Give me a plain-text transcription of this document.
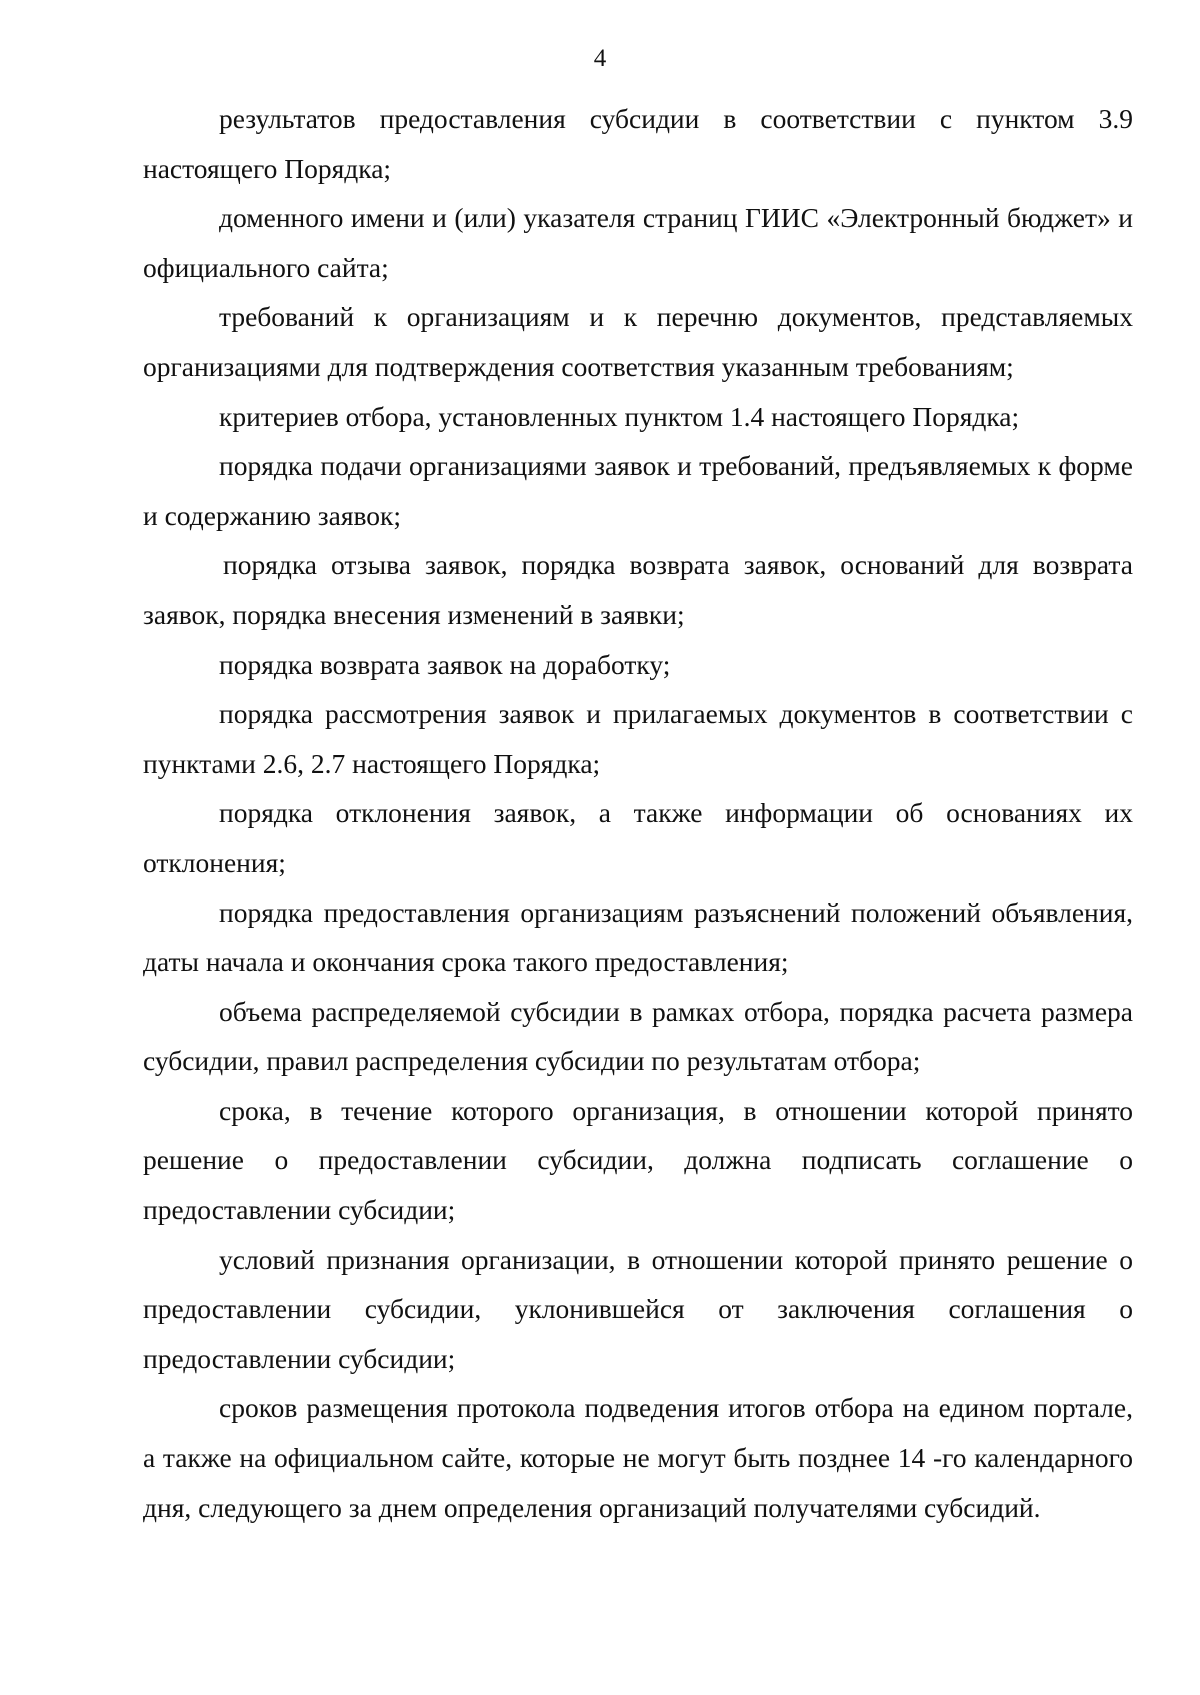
4

результатов предоставления субсидии в соответствии с пунктом 3.9 настоящего Порядка;

доменного имени и (или) указателя страниц ГИИС «Электронный бюджет» и официального сайта;

требований к организациям и к перечню документов, представляемых организациями для подтверждения соответствия указанным требованиям;

критериев отбора, установленных пунктом 1.4 настоящего Порядка;

порядка подачи организациями заявок и требований, предъявляемых к форме и содержанию заявок;

порядка отзыва заявок, порядка возврата заявок, оснований для возврата заявок, порядка внесения изменений в заявки;

порядка возврата заявок на доработку;

порядка рассмотрения заявок и прилагаемых документов в соответствии с пунктами 2.6, 2.7 настоящего Порядка;

порядка отклонения заявок, а также информации об основаниях их отклонения;

порядка предоставления организациям разъяснений положений объявления, даты начала и окончания срока такого предоставления;

объема распределяемой субсидии в рамках отбора, порядка расчета размера субсидии, правил распределения субсидии по результатам отбора;

срока, в течение которого организация, в отношении которой принято решение о предоставлении субсидии, должна подписать соглашение о предоставлении субсидии;

условий признания организации, в отношении которой принято решение о предоставлении субсидии, уклонившейся от заключения соглашения о предоставлении субсидии;

сроков размещения протокола подведения итогов отбора на едином портале, а также на официальном сайте, которые не могут быть позднее 14 -го календарного дня, следующего за днем определения организаций получателями субсидий.
